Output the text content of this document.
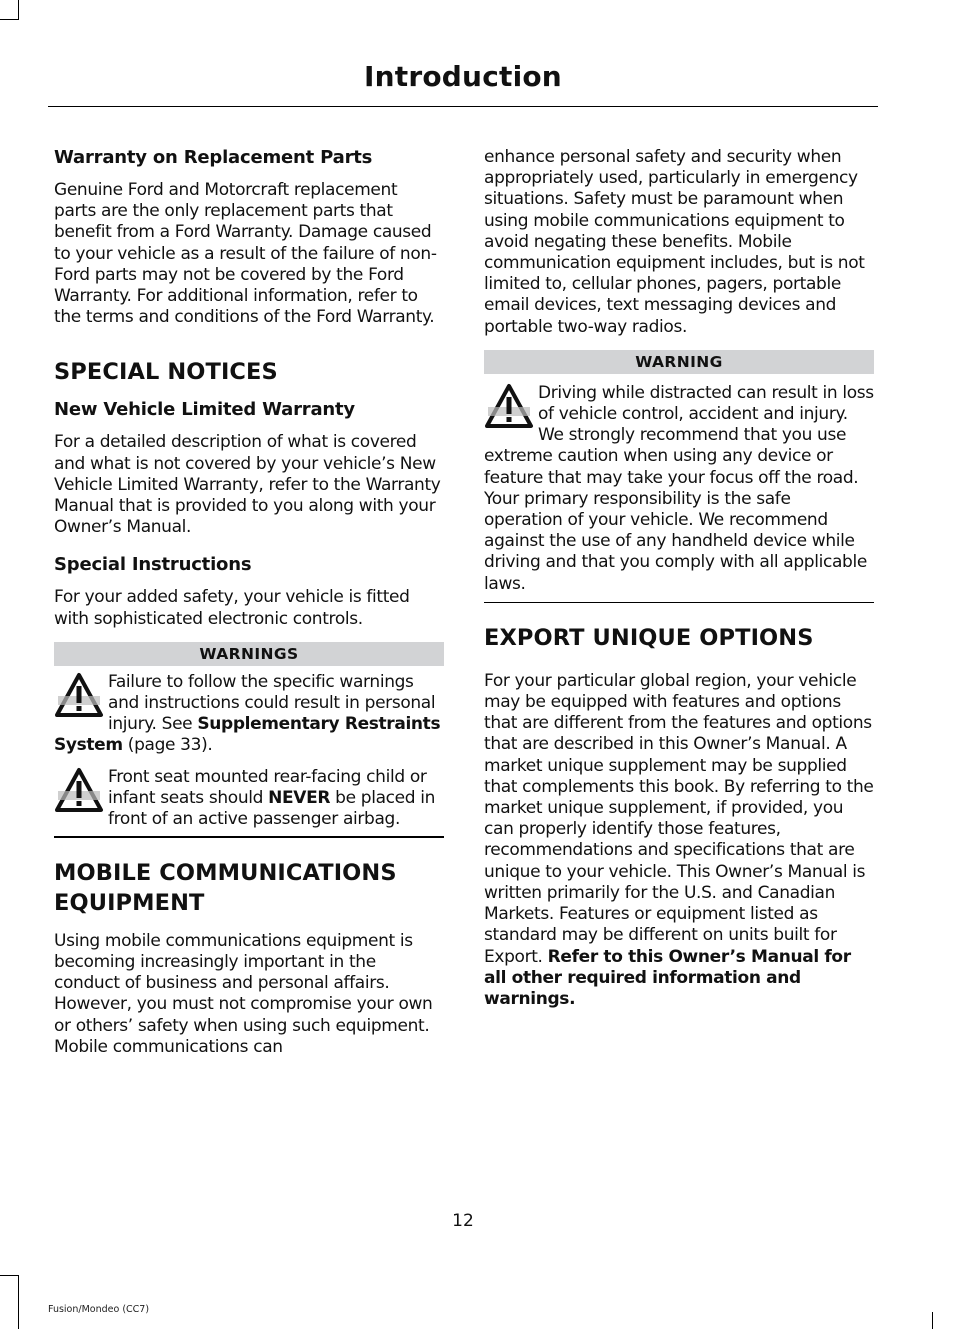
Introduction
Warranty on Replacement Parts

Genuine Ford and Motorcraft replacement parts are the only replacement parts that benefit from a Ford Warranty. Damage caused to your vehicle as a result of the failure of non-Ford parts may not be covered by the Ford Warranty. For additional information, refer to the terms and conditions of the Ford Warranty.

SPECIAL NOTICES
New Vehicle Limited Warranty

For a detailed description of what is covered and what is not covered by your vehicle’s New Vehicle Limited Warranty, refer to the Warranty Manual that is provided to you along with your Owner’s Manual.

Special Instructions

For your added safety, your vehicle is fitted with sophisticated electronic controls.

WARNINGS

Failure to follow the specific warnings and instructions could result in personal injury. See Supplementary Restraints System (page 33).

Front seat mounted rear-facing child or infant seats should NEVER be placed in front of an active passenger airbag.

MOBILE COMMUNICATIONS
EQUIPMENT

Using mobile communications equipment is becoming increasingly important in the conduct of business and personal affairs. However, you must not compromise your own or others’ safety when using such equipment. Mobile communications can

enhance personal safety and security when appropriately used, particularly in emergency situations. Safety must be paramount when using mobile communications equipment to avoid negating these benefits. Mobile communication equipment includes, but is not limited to, cellular phones, pagers, portable email devices, text messaging devices and portable two-way radios.

WARNING

Driving while distracted can result in loss of vehicle control, accident and injury. We strongly recommend that you use extreme caution when using any device or feature that may take your focus off the road. Your primary responsibility is the safe operation of your vehicle. We recommend against the use of any handheld device while driving and that you comply with all applicable laws.

EXPORT UNIQUE OPTIONS

For your particular global region, your vehicle may be equipped with features and options that are different from the features and options that are described in this Owner’s Manual. A market unique supplement may be supplied that complements this book. By referring to the market unique supplement, if provided, you can properly identify those features, recommendations and specifications that are unique to your vehicle. This Owner’s Manual is written primarily for the U.S. and Canadian Markets. Features or equipment listed as standard may be different on units built for Export. Refer to this Owner’s Manual for all other required information and warnings.

12
Fusion/Mondeo (CC7)
